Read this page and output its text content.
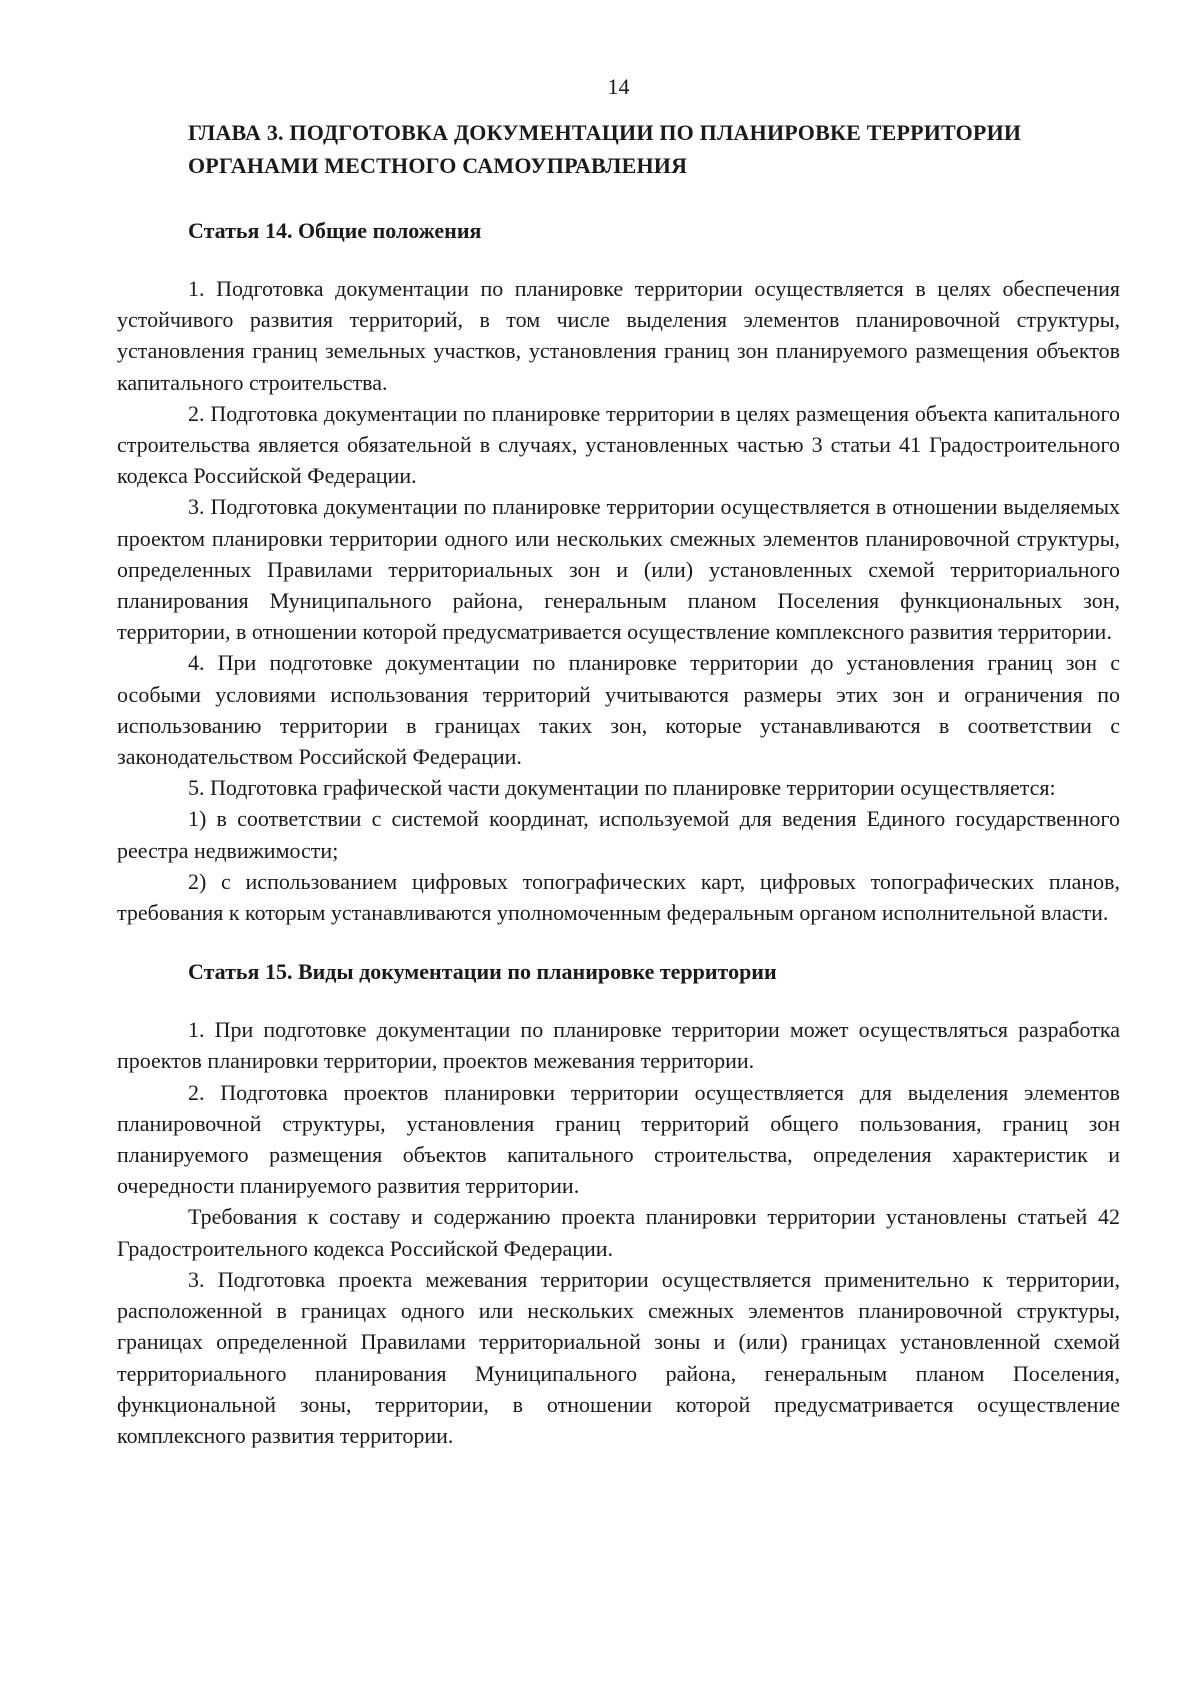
14
ГЛАВА 3. ПОДГОТОВКА ДОКУМЕНТАЦИИ ПО ПЛАНИРОВКЕ ТЕРРИТОРИИ ОРГАНАМИ МЕСТНОГО САМОУПРАВЛЕНИЯ
Статья 14. Общие положения

1. Подготовка документации по планировке территории осуществляется в целях обеспечения устойчивого развития территорий, в том числе выделения элементов планировочной структуры, установления границ земельных участков, установления границ зон планируемого размещения объектов капитального строительства.

2. Подготовка документации по планировке территории в целях размещения объекта капитального строительства является обязательной в случаях, установленных частью 3 статьи 41 Градостроительного кодекса Российской Федерации.

3. Подготовка документации по планировке территории осуществляется в отношении выделяемых проектом планировки территории одного или нескольких смежных элементов планировочной структуры, определенных Правилами территориальных зон и (или) установленных схемой территориального планирования Муниципального района, генеральным планом Поселения функциональных зон, территории, в отношении которой предусматривается осуществление комплексного развития территории.

4. При подготовке документации по планировке территории до установления границ зон с особыми условиями использования территорий учитываются размеры этих зон и ограничения по использованию территории в границах таких зон, которые устанавливаются в соответствии с законодательством Российской Федерации.

5. Подготовка графической части документации по планировке территории осуществляется:

1) в соответствии с системой координат, используемой для ведения Единого государственного реестра недвижимости;

2) с использованием цифровых топографических карт, цифровых топографических планов, требования к которым устанавливаются уполномоченным федеральным органом исполнительной власти.

Статья 15. Виды документации по планировке территории

1. При подготовке документации по планировке территории может осуществляться разработка проектов планировки территории, проектов межевания территории.

2. Подготовка проектов планировки территории осуществляется для выделения элементов планировочной структуры, установления границ территорий общего пользования, границ зон планируемого размещения объектов капитального строительства, определения характеристик и очередности планируемого развития территории.

Требования к составу и содержанию проекта планировки территории установлены статьей 42 Градостроительного кодекса Российской Федерации.

3. Подготовка проекта межевания территории осуществляется применительно к территории, расположенной в границах одного или нескольких смежных элементов планировочной структуры, границах определенной Правилами территориальной зоны и (или) границах установленной схемой территориального планирования Муниципального района, генеральным планом Поселения, функциональной зоны, территории, в отношении которой предусматривается осуществление комплексного развития территории.
